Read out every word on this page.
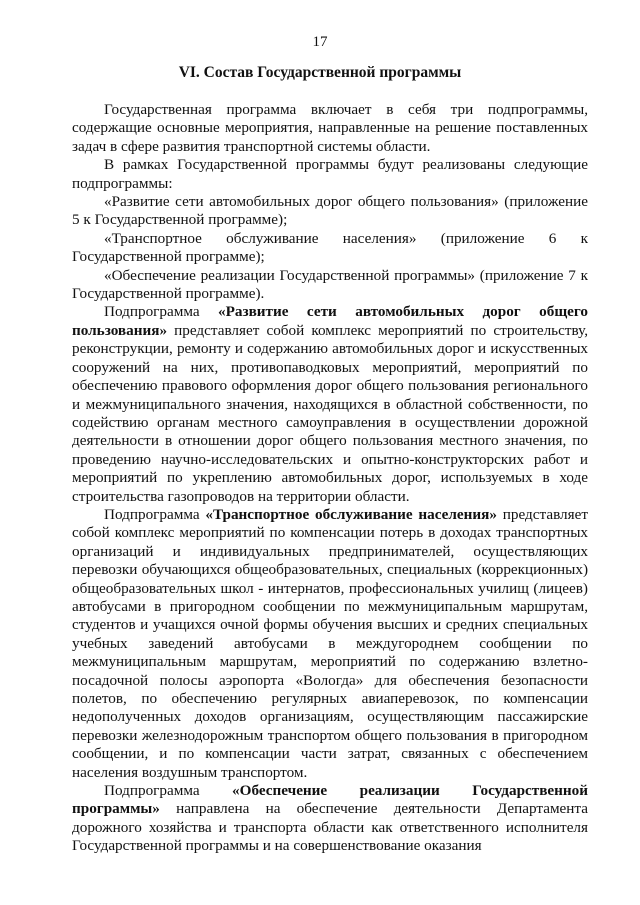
17
VI. Состав Государственной программы

Государственная программа включает в себя три подпрограммы, содержащие основные мероприятия, направленные на решение поставленных задач в сфере развития транспортной системы области.

В рамках Государственной программы будут реализованы следующие подпрограммы:

«Развитие сети автомобильных дорог общего пользования» (приложение 5 к Государственной программе);

«Транспортное обслуживание населения» (приложение 6 к Государственной программе);

«Обеспечение реализации Государственной программы» (приложение 7 к Государственной программе).

Подпрограмма «Развитие сети автомобильных дорог общего пользования» представляет собой комплекс мероприятий по строительству, реконструкции, ремонту и содержанию автомобильных дорог и искусственных сооружений на них, противопаводковых мероприятий, мероприятий по обеспечению правового оформления дорог общего пользования регионального и межмуниципального значения, находящихся в областной собственности, по содействию органам местного самоуправления в осуществлении дорожной деятельности в отношении дорог общего пользования местного значения, по проведению научно-исследовательских и опытно-конструкторских работ и мероприятий по укреплению автомобильных дорог, используемых в ходе строительства газопроводов на территории области.

Подпрограмма «Транспортное обслуживание населения» представляет собой комплекс мероприятий по компенсации потерь в доходах транспортных организаций и индивидуальных предпринимателей, осуществляющих перевозки обучающихся общеобразовательных, специальных (коррекционных) общеобразовательных школ - интернатов, профессиональных училищ (лицеев) автобусами в пригородном сообщении по межмуниципальным маршрутам, студентов и учащихся очной формы обучения высших и средних специальных учебных заведений автобусами в междугороднем сообщении по межмуниципальным маршрутам, мероприятий по содержанию взлетно-посадочной полосы аэропорта «Вологда» для обеспечения безопасности полетов, по обеспечению регулярных авиаперевозок, по компенсации недополученных доходов организациям, осуществляющим пассажирские перевозки железнодорожным транспортом общего пользования в пригородном сообщении, и по компенсации части затрат, связанных с обеспечением населения воздушным транспортом.

Подпрограмма «Обеспечение реализации Государственной программы» направлена на обеспечение деятельности Департамента дорожного хозяйства и транспорта области как ответственного исполнителя Государственной программы и на совершенствование оказания
